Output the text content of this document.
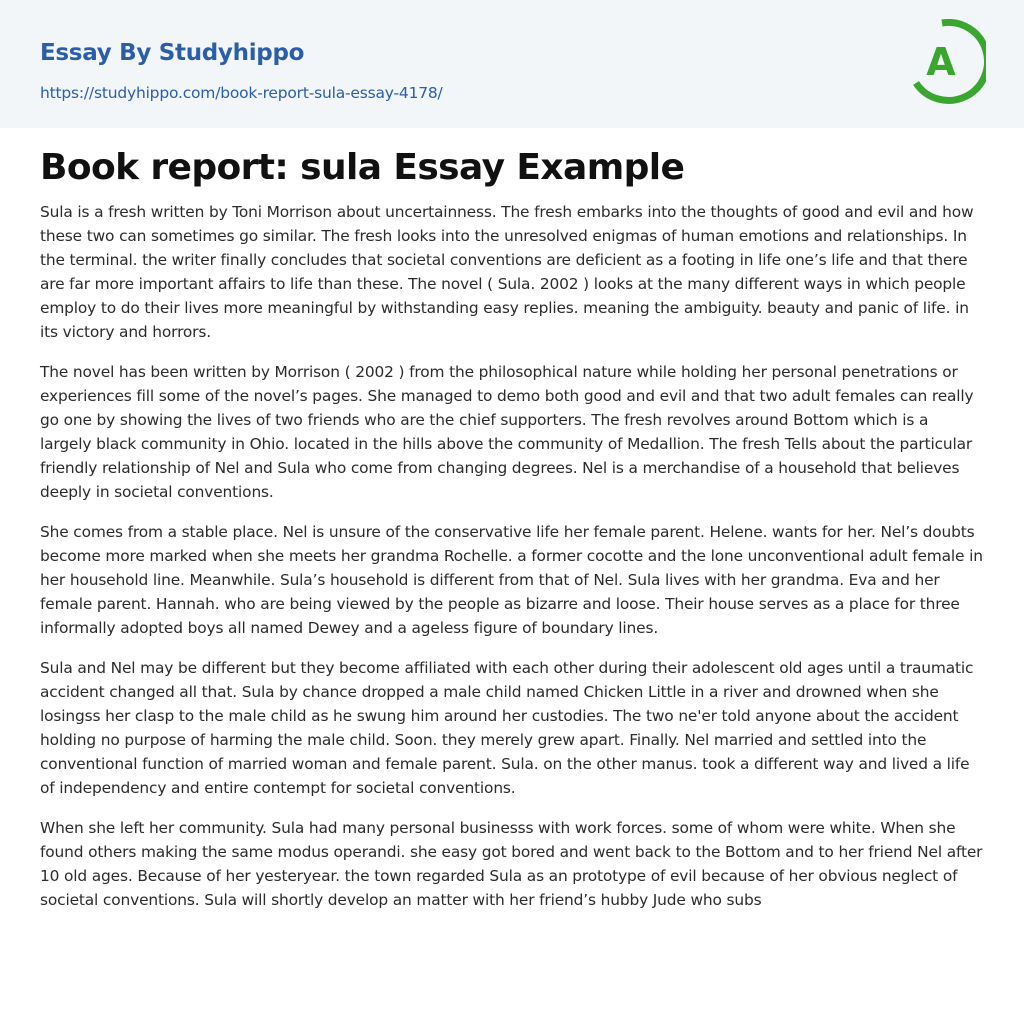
Essay By Studyhippo
https://studyhippo.com/book-report-sula-essay-4178/
A
Book report: sula Essay Example

Sula is a fresh written by Toni Morrison about uncertainness. The fresh embarks into the thoughts of good and evil and how these two can sometimes go similar. The fresh looks into the unresolved enigmas of human emotions and relationships. In the terminal. the writer finally concludes that societal conventions are deficient as a footing in life one’s life and that there are far more important affairs to life than these. The novel ( Sula. 2002 ) looks at the many different ways in which people employ to do their lives more meaningful by withstanding easy replies. meaning the ambiguity. beauty and panic of life. in its victory and horrors.

The novel has been written by Morrison ( 2002 ) from the philosophical nature while holding her personal penetrations or experiences fill some of the novel’s pages. She managed to demo both good and evil and that two adult females can really go one by showing the lives of two friends who are the chief supporters. The fresh revolves around Bottom which is a largely black community in Ohio. located in the hills above the community of Medallion. The fresh Tells about the particular friendly relationship of Nel and Sula who come from changing degrees. Nel is a merchandise of a household that believes deeply in societal conventions.

She comes from a stable place. Nel is unsure of the conservative life her female parent. Helene. wants for her. Nel’s doubts become more marked when she meets her grandma Rochelle. a former cocotte and the lone unconventional adult female in her household line. Meanwhile. Sula’s household is different from that of Nel. Sula lives with her grandma. Eva and her female parent. Hannah. who are being viewed by the people as bizarre and loose. Their house serves as a place for three informally adopted boys all named Dewey and a ageless figure of boundary lines.

Sula and Nel may be different but they become affiliated with each other during their adolescent old ages until a traumatic accident changed all that. Sula by chance dropped a male child named Chicken Little in a river and drowned when she losingss her clasp to the male child as he swung him around her custodies. The two ne'er told anyone about the accident holding no purpose of harming the male child. Soon. they merely grew apart. Finally. Nel married and settled into the conventional function of married woman and female parent. Sula. on the other manus. took a different way and lived a life of independency and entire contempt for societal conventions.

When she left her community. Sula had many personal businesss with work forces. some of whom were white. When she found others making the same modus operandi. she easy got bored and went back to the Bottom and to her friend Nel after 10 old ages. Because of her yesteryear. the town regarded Sula as an prototype of evil because of her obvious neglect of societal conventions. Sula will shortly develop an matter with her friend’s hubby Jude who subs
